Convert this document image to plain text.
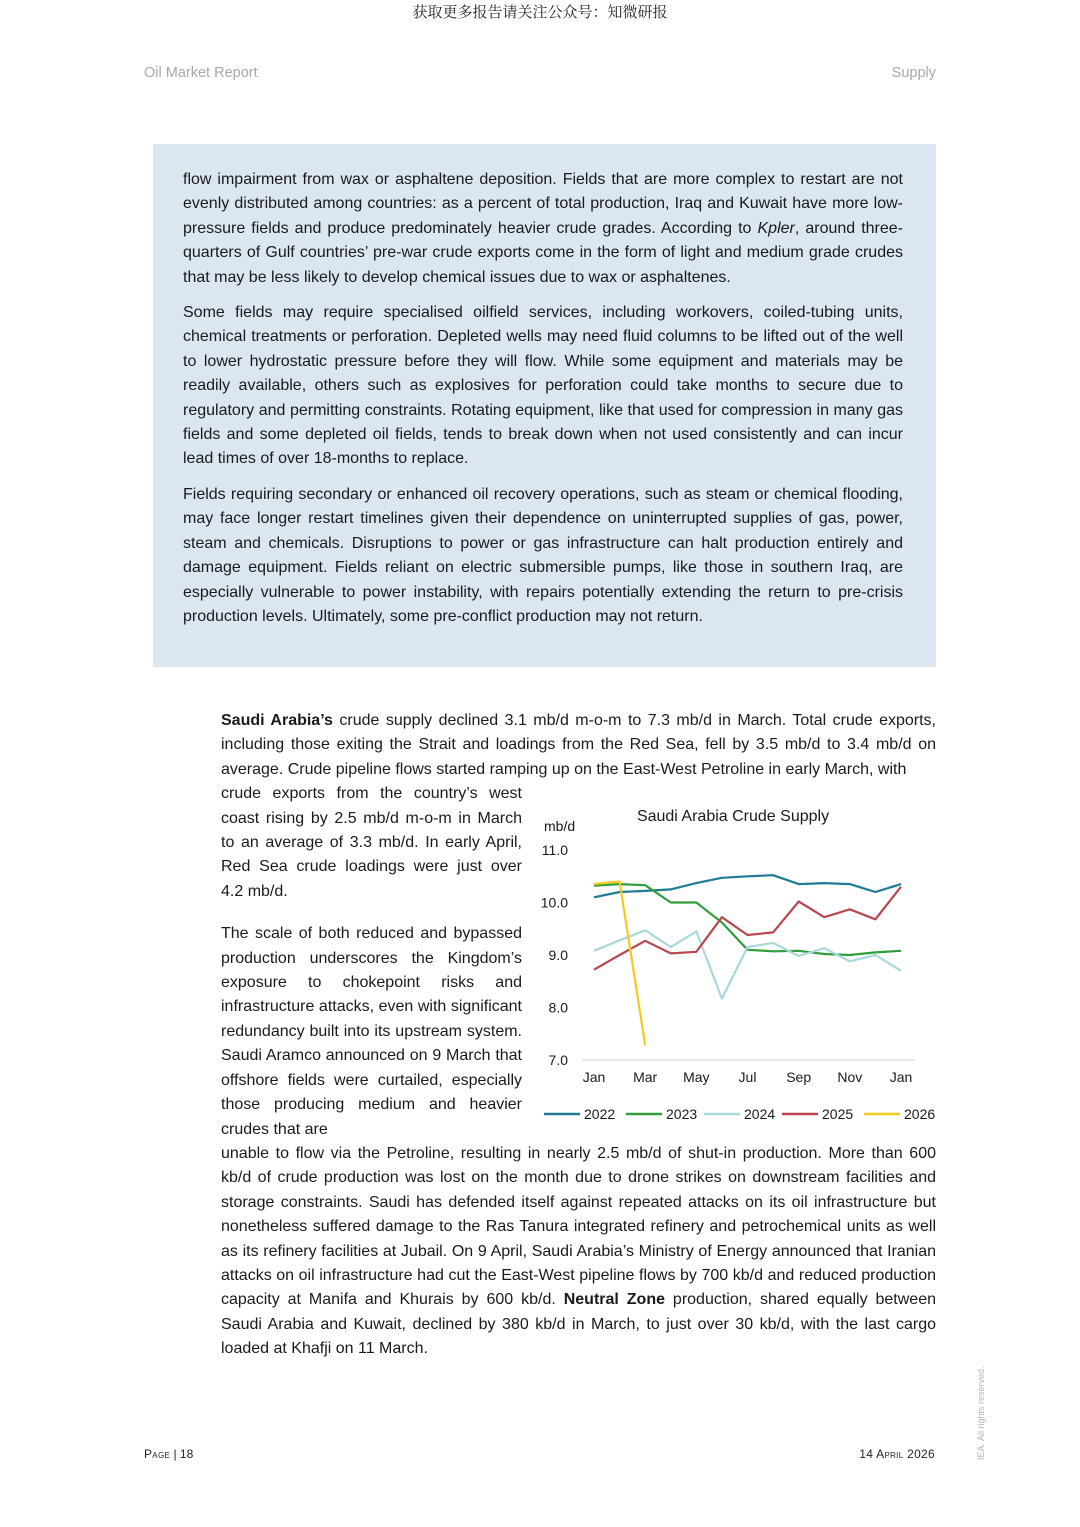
获取更多报告请关注公众号：知微研报
Oil Market Report	Supply

flow impairment from wax or asphaltene deposition. Fields that are more complex to restart are not evenly distributed among countries: as a percent of total production, Iraq and Kuwait have more low-pressure fields and produce predominately heavier crude grades. According to Kpler, around three-quarters of Gulf countries’ pre-war crude exports come in the form of light and medium grade crudes that may be less likely to develop chemical issues due to wax or asphaltenes.

Some fields may require specialised oilfield services, including workovers, coiled-tubing units, chemical treatments or perforation. Depleted wells may need fluid columns to be lifted out of the well to lower hydrostatic pressure before they will flow. While some equipment and materials may be readily available, others such as explosives for perforation could take months to secure due to regulatory and permitting constraints. Rotating equipment, like that used for compression in many gas fields and some depleted oil fields, tends to break down when not used consistently and can incur lead times of over 18-months to replace.

Fields requiring secondary or enhanced oil recovery operations, such as steam or chemical flooding, may face longer restart timelines given their dependence on uninterrupted supplies of gas, power, steam and chemicals. Disruptions to power or gas infrastructure can halt production entirely and damage equipment. Fields reliant on electric submersible pumps, like those in southern Iraq, are especially vulnerable to power instability, with repairs potentially extending the return to pre-crisis production levels. Ultimately, some pre-conflict production may not return.

Saudi Arabia’s crude supply declined 3.1 mb/d m-o-m to 7.3 mb/d in March. Total crude exports, including those exiting the Strait and loadings from the Red Sea, fell by 3.5 mb/d to 3.4 mb/d on average. Crude pipeline flows started ramping up on the East-West Petroline in early March, with

crude exports from the country’s west coast rising by 2.5 mb/d m-o-m in March to an average of 3.3 mb/d. In early April, Red Sea crude loadings were just over 4.2 mb/d.

The scale of both reduced and bypassed production underscores the Kingdom’s exposure to chokepoint risks and infrastructure attacks, even with significant redundancy built into its upstream system. Saudi Aramco announced on 9 March that offshore fields were curtailed, especially those producing medium and heavier crudes that are

unable to flow via the Petroline, resulting in nearly 2.5 mb/d of shut-in production. More than 600 kb/d of crude production was lost on the month due to drone strikes on downstream facilities and storage constraints. Saudi has defended itself against repeated attacks on its oil infrastructure but nonetheless suffered damage to the Ras Tanura integrated refinery and petrochemical units as well as its refinery facilities at Jubail. On 9 April, Saudi Arabia’s Ministry of Energy announced that Iranian attacks on oil infrastructure had cut the East-West pipeline flows by 700 kb/d and reduced production capacity at Manifa and Khurais by 600 kb/d. Neutral Zone production, shared equally between Saudi Arabia and Kuwait, declined by 380 kb/d in March, to just over 30 kb/d, with the last cargo loaded at Khafji on 11 March.

Saudi Arabia Crude Supply
mb/d
11.0
10.0
9.0
8.0
7.0
Jan Mar May Jul Sep Nov Jan
2022	2023	2024	2025	2026
Page | 18	14 April 2026	IEA. All rights reserved.
